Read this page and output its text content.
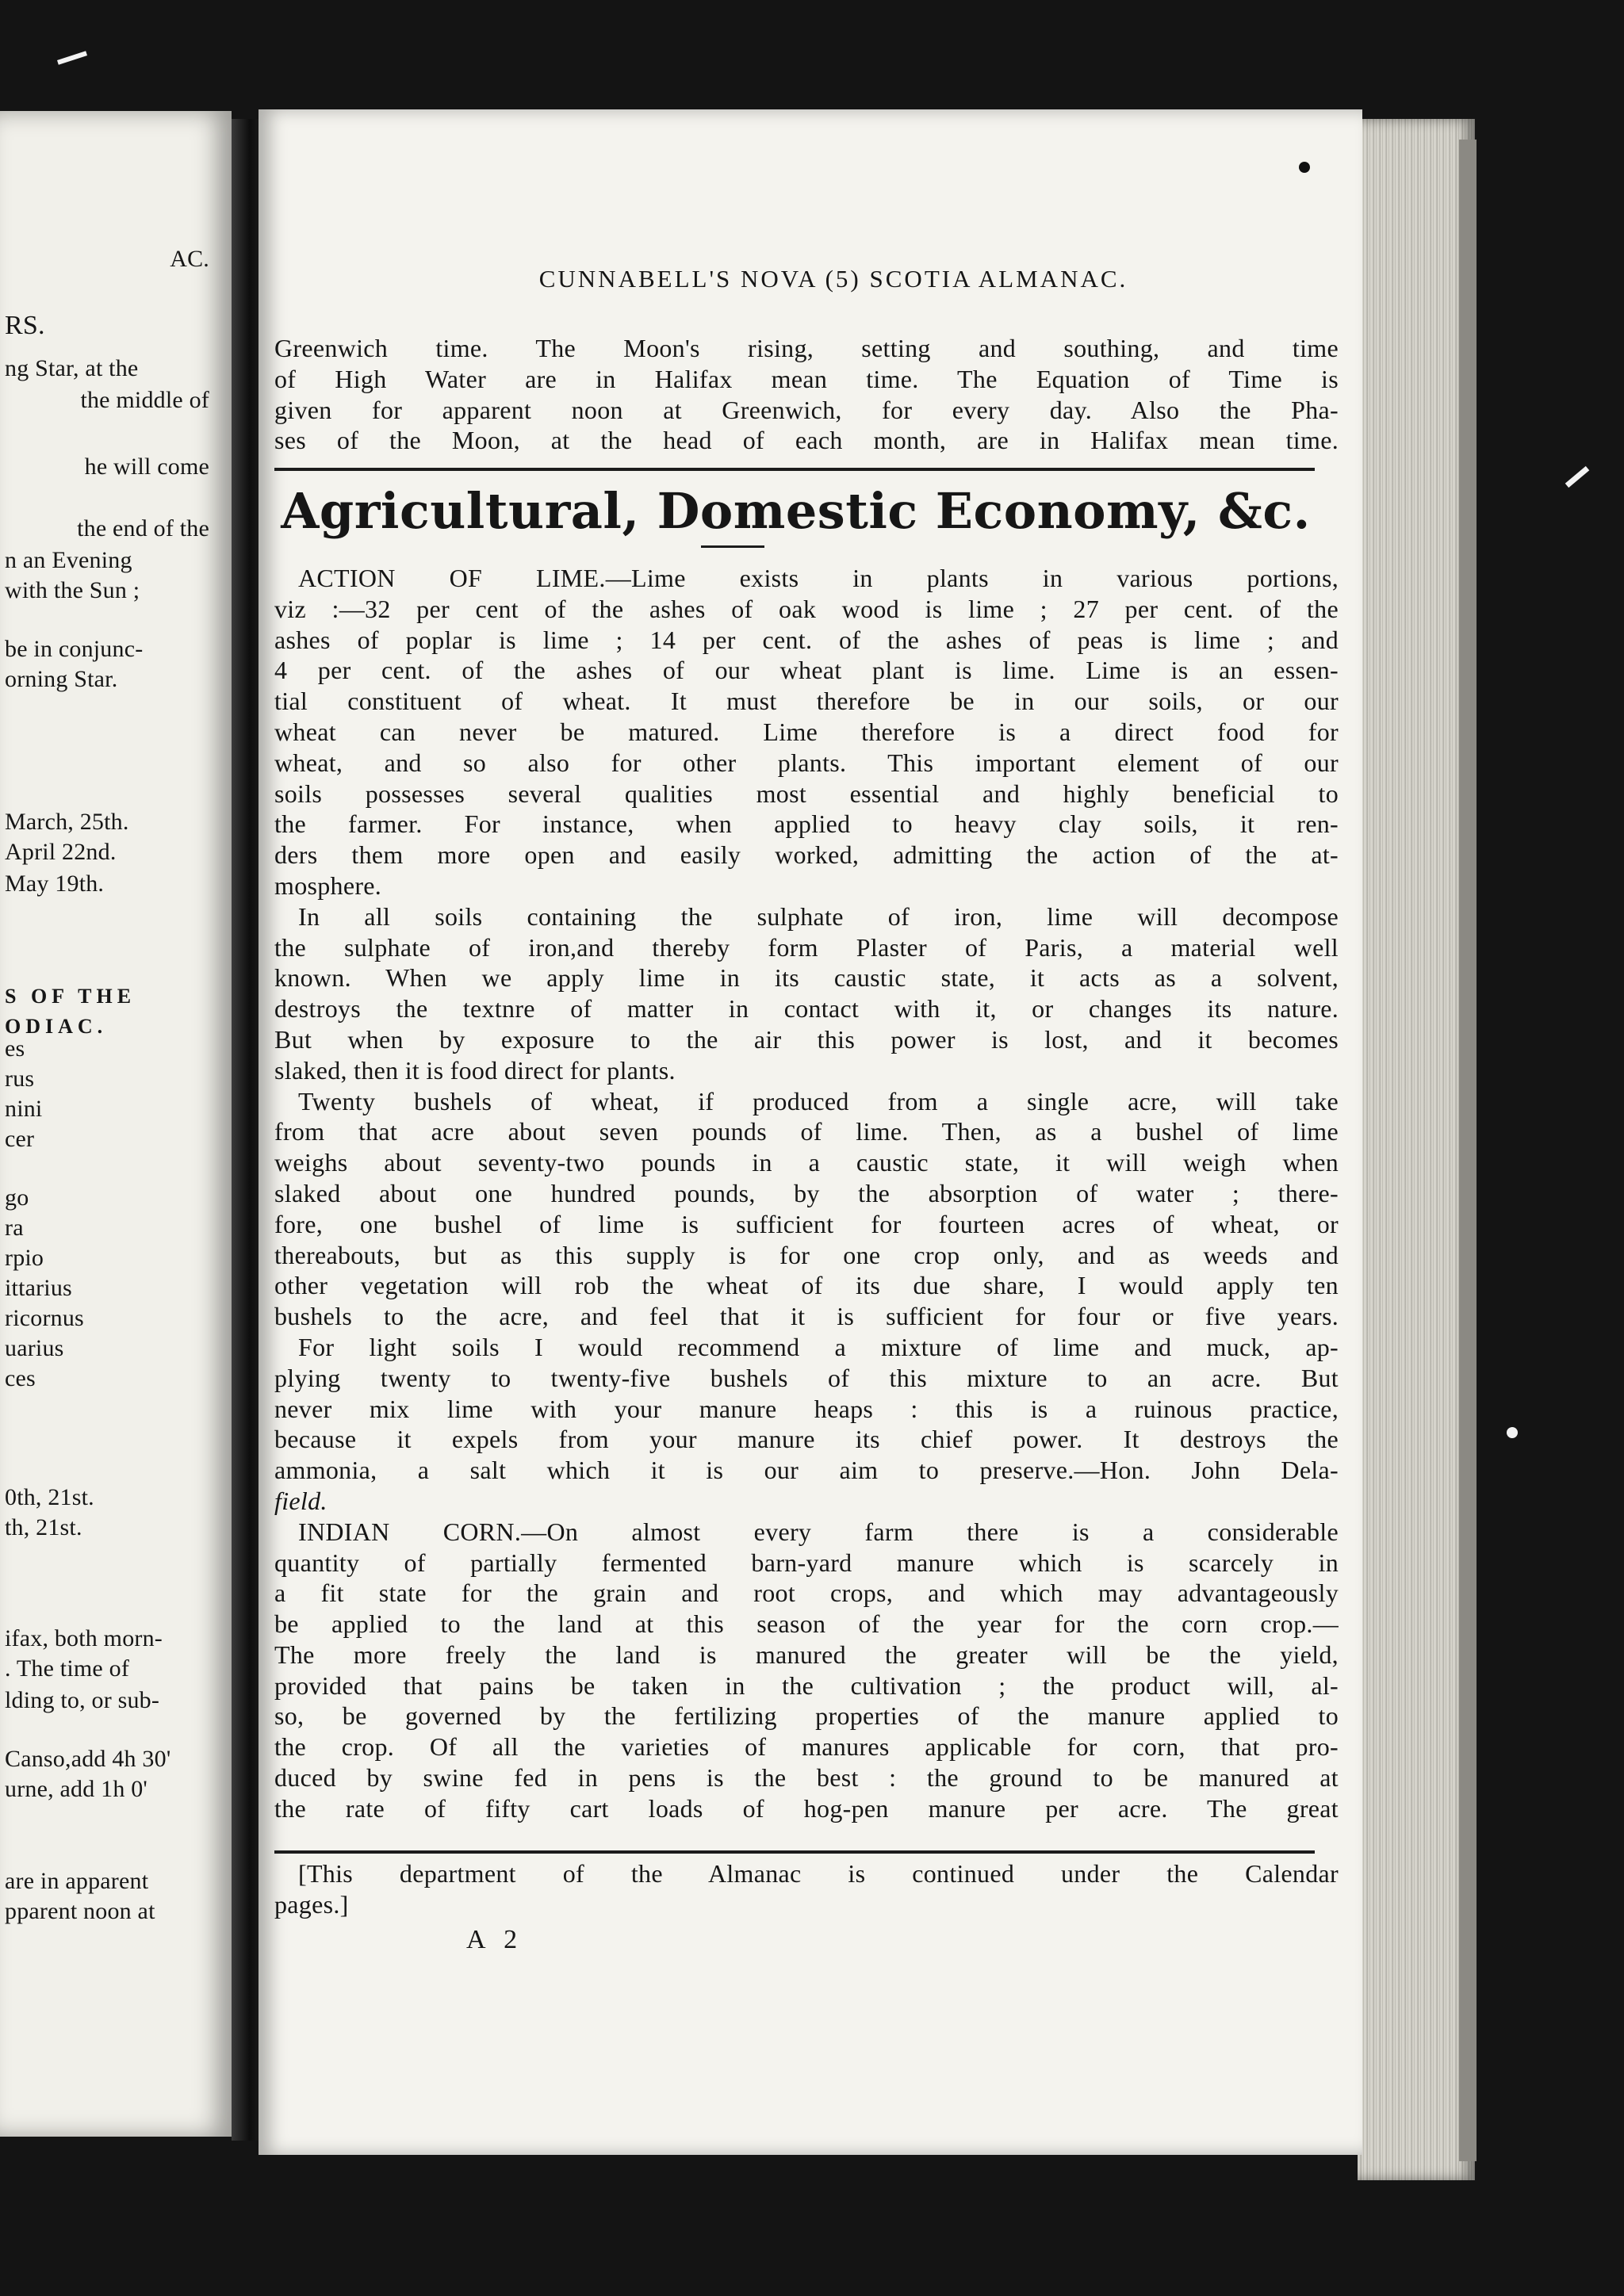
AC.
RS.
ng Star, at the
the middle of
he will come
the end of the
n an Evening
with the Sun ;
be in conjunc-
orning Star.
March, 25th.
April 22nd.
May 19th.
S OF THE
ODIAC.
es
rus
nini
cer
go
ra
rpio
ittarius
ricornus
uarius
ces
0th, 21st.
th, 21st.
ifax, both morn-
. The time of
lding to, or sub-
Canso,add 4h 30'
urne, add 1h 0'
are in apparent
pparent noon at
CUNNABELL'S NOVA (5) SCOTIA ALMANAC.
Greenwich time. The Moon's rising, setting and southing, and time
of High Water are in Halifax mean time. The Equation of Time is
given for apparent noon at Greenwich, for every day. Also the Pha-
ses of the Moon, at the head of each month, are in Halifax mean time.
Agricultural, Domestic Economy, &c.
ACTION OF LIME.—Lime exists in plants in various portions,
viz :—32 per cent of the ashes of oak wood is lime ; 27 per cent. of the
ashes of poplar is lime ; 14 per cent. of the ashes of peas is lime ; and
4 per cent. of the ashes of our wheat plant is lime. Lime is an essen-
tial constituent of wheat. It must therefore be in our soils, or our
wheat can never be matured. Lime therefore is a direct food for
wheat, and so also for other plants. This important element of our
soils possesses several qualities most essential and highly beneficial to
the farmer. For instance, when applied to heavy clay soils, it ren-
ders them more open and easily worked, admitting the action of the at-
mosphere.
In all soils containing the sulphate of iron, lime will decompose
the sulphate of iron,and thereby form Plaster of Paris, a material well
known. When we apply lime in its caustic state, it acts as a solvent,
destroys the textnre of matter in contact with it, or changes its nature.
But when by exposure to the air this power is lost, and it becomes
slaked, then it is food direct for plants.
Twenty bushels of wheat, if produced from a single acre, will take
from that acre about seven pounds of lime. Then, as a bushel of lime
weighs about seventy-two pounds in a caustic state, it will weigh when
slaked about one hundred pounds, by the absorption of water ; there-
fore, one bushel of lime is sufficient for fourteen acres of wheat, or
thereabouts, but as this supply is for one crop only, and as weeds and
other vegetation will rob the wheat of its due share, I would apply ten
bushels to the acre, and feel that it is sufficient for four or five years.
For light soils I would recommend a mixture of lime and muck, ap-
plying twenty to twenty-five bushels of this mixture to an acre. But
never mix lime with your manure heaps : this is a ruinous practice,
because it expels from your manure its chief power. It destroys the
ammonia, a salt which it is our aim to preserve.—Hon. John Dela-
field.
INDIAN CORN.—On almost every farm there is a considerable
quantity of partially fermented barn-yard manure which is scarcely in
a fit state for the grain and root crops, and which may advantageously
be applied to the land at this season of the year for the corn crop.—
The more freely the land is manured the greater will be the yield,
provided that pains be taken in the cultivation ; the product will, al-
so, be governed by the fertilizing properties of the manure applied to
the crop. Of all the varieties of manures applicable for corn, that pro-
duced by swine fed in pens is the best : the ground to be manured at
the rate of fifty cart loads of hog-pen manure per acre. The great
[This department of the Almanac is continued under the Calendar
pages.]
A 2
